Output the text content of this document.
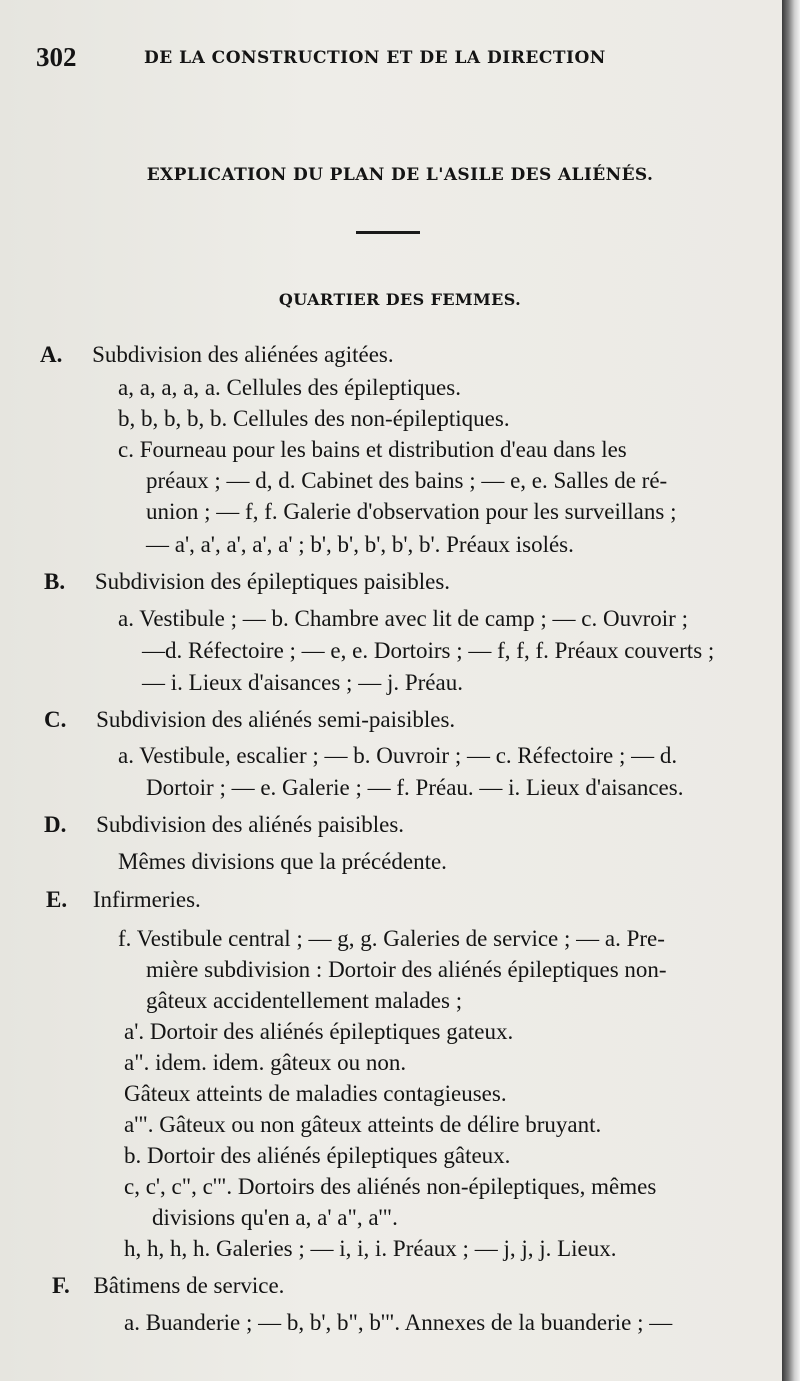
302	DE LA CONSTRUCTION ET DE LA DIRECTION
EXPLICATION DU PLAN DE L'ASILE DES ALIÉNÉS.
QUARTIER DES FEMMES.
A. Subdivision des aliénées agitées.
a, a, a, a, a. Cellules des épileptiques.
b, b, b, b, b. Cellules des non-épileptiques.
c. Fourneau pour les bains et distribution d'eau dans les
préaux ; — d, d. Cabinet des bains ; — e, e. Salles de ré-
union ; — f, f. Galerie d'observation pour les surveillans ;
— a', a', a', a', a' ; b', b', b', b', b'. Préaux isolés.
B. Subdivision des épileptiques paisibles.
a. Vestibule ; — b. Chambre avec lit de camp ; — c. Ouvroir ;
—d. Réfectoire ; — e, e. Dortoirs ; — f, f, f. Préaux couverts ;
— i. Lieux d'aisances ; — j. Préau.
C. Subdivision des aliénés semi-paisibles.
a. Vestibule, escalier ; — b. Ouvroir ; — c. Réfectoire ; — d.
Dortoir ; — e. Galerie ; — f. Préau. — i. Lieux d'aisances.
D. Subdivision des aliénés paisibles.
Mêmes divisions que la précédente.
E. Infirmeries.
f. Vestibule central ; — g, g. Galeries de service ; — a. Pre-
mière subdivision : Dortoir des aliénés épileptiques non-
gâteux accidentellement malades ;
a'. Dortoir des aliénés épileptiques gateux.
a". idem. idem. gâteux ou non.
Gâteux atteints de maladies contagieuses.
a'". Gâteux ou non gâteux atteints de délire bruyant.
b. Dortoir des aliénés épileptiques gâteux.
c, c', c", c'". Dortoirs des aliénés non-épileptiques, mêmes
divisions qu'en a, a' a", a'".
h, h, h, h. Galeries ; — i, i, i. Préaux ; — j, j, j. Lieux.
F. Bâtimens de service.
a. Buanderie ; — b, b', b", b'". Annexes de la buanderie ; —
